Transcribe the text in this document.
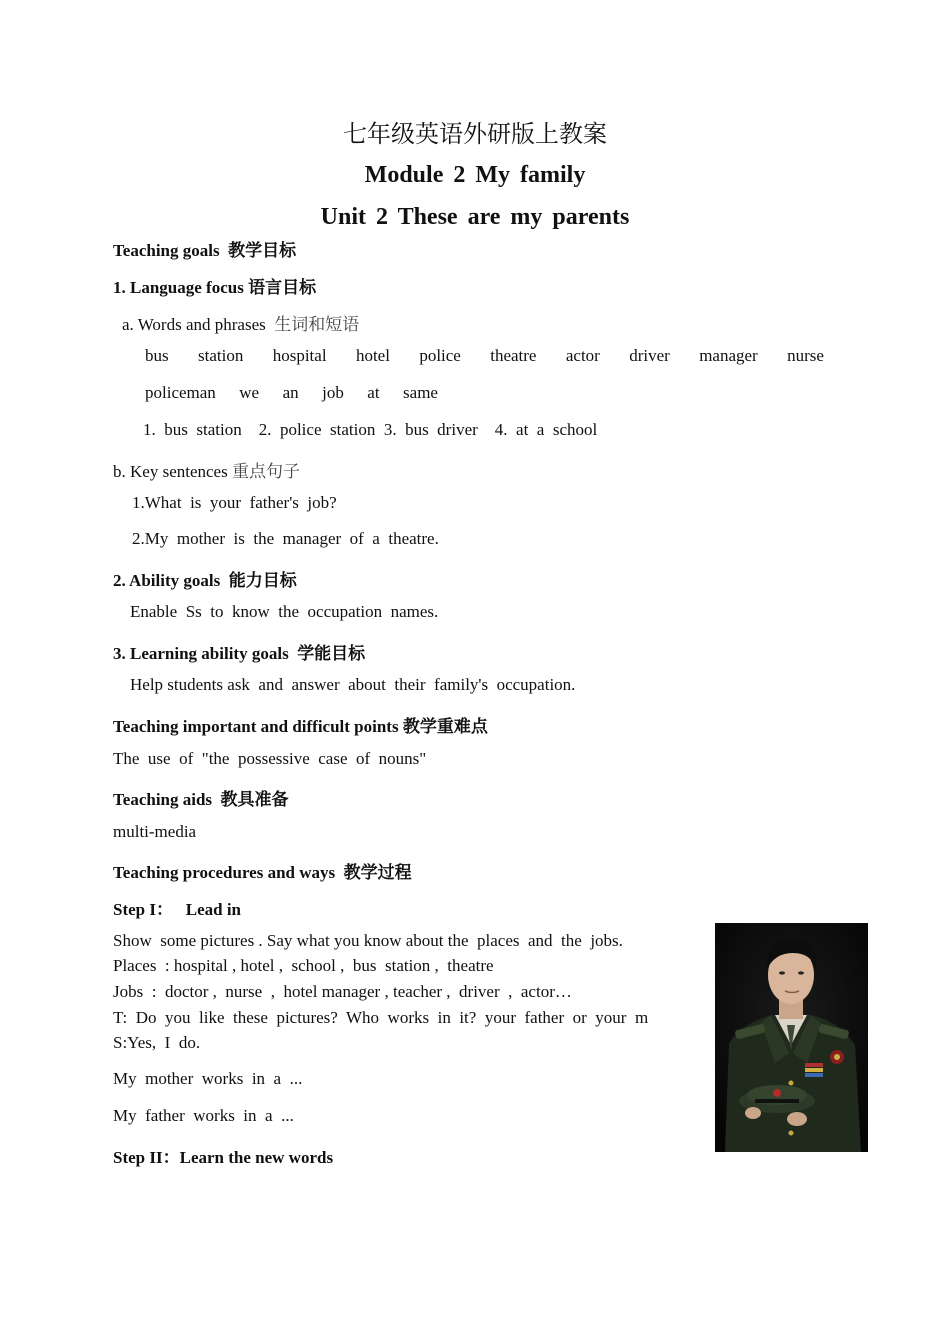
七年级英语外研版上教案
Module 2 My family
Unit 2 These are my parents
Teaching goals 教学目标
1. Language focus 语言目标
a. Words and phrases 生词和短语
bus station hospital hotel police theatre actor driver manager nurse
policeman we an job at same
1.  bus  station    2.  police  station  3.  bus  driver    4.  at  a  school
b. Key sentences 重点句子
1.What  is  your  father's  job?
2.My  mother  is  the  manager  of  a  theatre.
2. Ability goals 能力目标
Enable  Ss  to  know  the  occupation  names.
3. Learning ability goals 学能目标
Help students ask  and  answer  about  their  family's  occupation.
Teaching important and difficult points 教学重难点
The  use  of  "the  possessive  case  of  nouns"
Teaching aids 教具准备
multi-media
Teaching procedures and ways 教学过程
Step I： Lead in
Show  some pictures . Say what you know about the  places  and  the  jobs.
Places  : hospital , hotel ,  school ,  bus  station ,  theatre
Jobs  :  doctor ,  nurse  ,  hotel manager , teacher ,  driver  ,  actor…
T:  Do  you  like  these  pictures?  Who  works  in  it?  your  father  or  your  m
S:Yes,  I  do.
My  mother  works  in  a  ...
My  father  works  in  a  ...
Step II：Learn the new words
